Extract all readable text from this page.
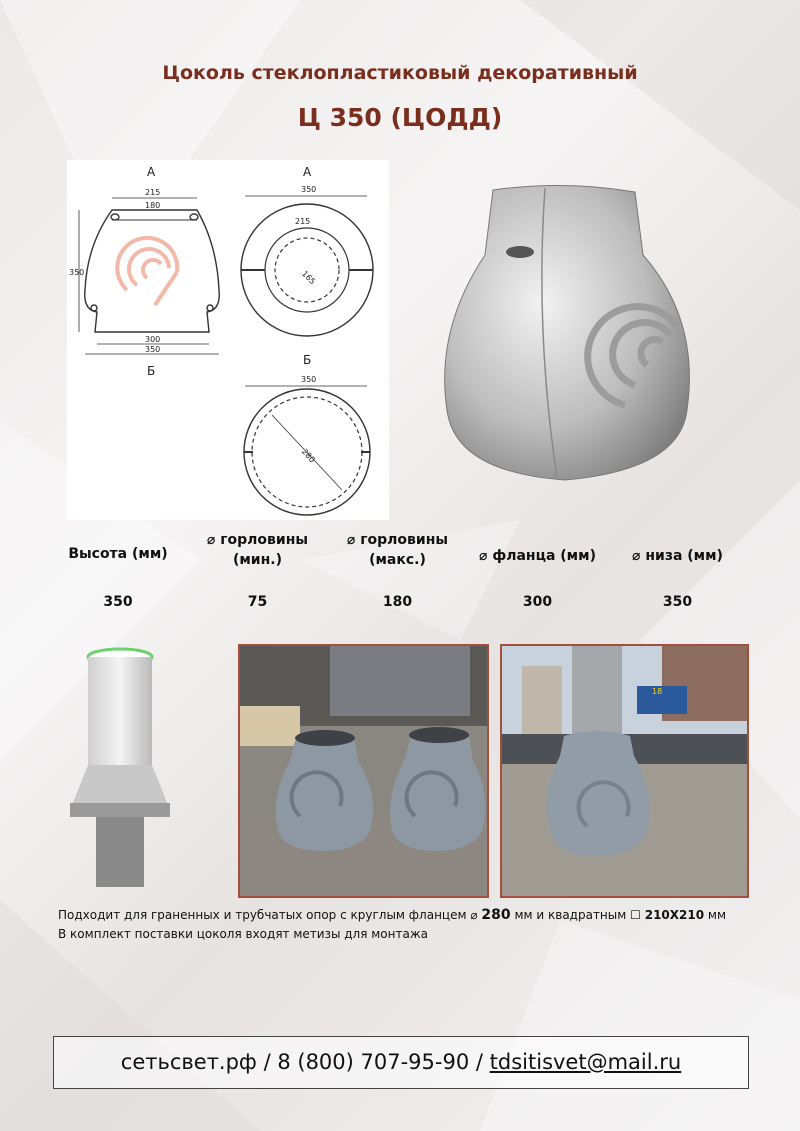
Цоколь стеклопластиковый декоративный
Ц 350 (ЦОДД)
А
Б
215
180
350
300
350
А
350
215
165
Б
350
280
Высота (мм)
350
⌀ горловины
(мин.)
75
⌀ горловины
(макс.)
180
⌀ фланца (мм)
300
⌀ низа (мм)
350
18
Подходит для граненных и трубчатых опор с круглым фланцем ⌀ 280 мм и квадратным ☐ 210Х210 мм
В комплект поставки цоколя входят метизы для монтажа
сетьсвет.рф / 8 (800) 707-95-90 / tdsitisvet@mail.ru
